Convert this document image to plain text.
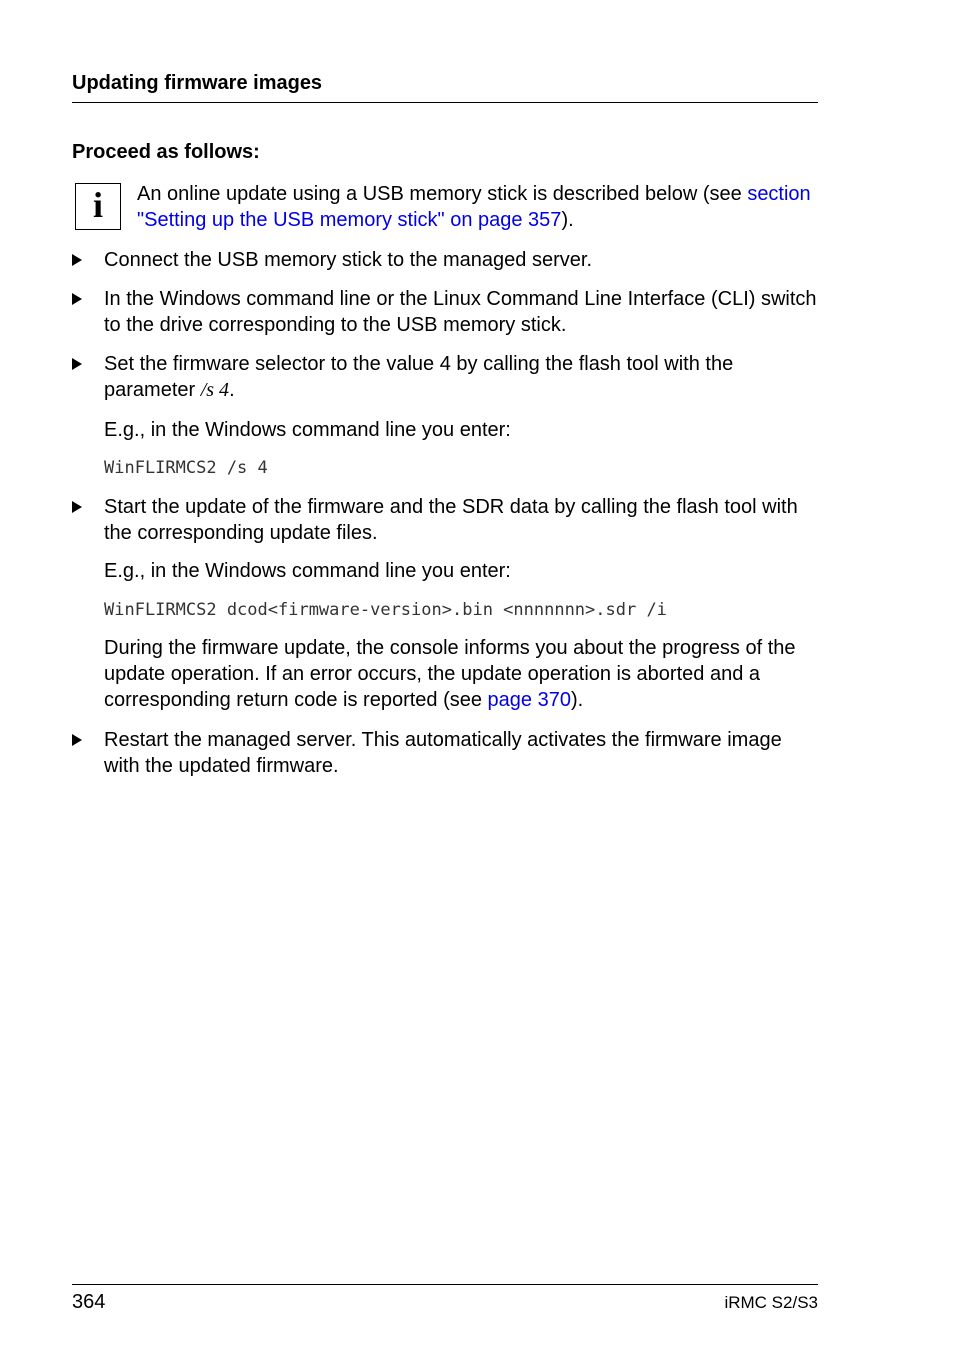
Updating firmware images
Proceed as follows:
i	An online update using a USB memory stick is described below (see section "Setting up the USB memory stick" on page 357).
Connect the USB memory stick to the managed server.
In the Windows command line or the Linux Command Line Interface (CLI) switch to the drive corresponding to the USB memory stick.
Set the firmware selector to the value 4 by calling the flash tool with the parameter /s 4.
E.g., in the Windows command line you enter:
WinFLIRMCS2 /s 4
Start the update of the firmware and the SDR data by calling the flash tool with the corresponding update files.
E.g., in the Windows command line you enter:
WinFLIRMCS2 dcod<firmware-version>.bin <nnnnnnn>.sdr /i
During the firmware update, the console informs you about the progress of the update operation. If an error occurs, the update operation is aborted and a corresponding return code is reported (see page 370).
Restart the managed server. This automatically activates the firmware image with the updated firmware.
364	iRMC S2/S3
